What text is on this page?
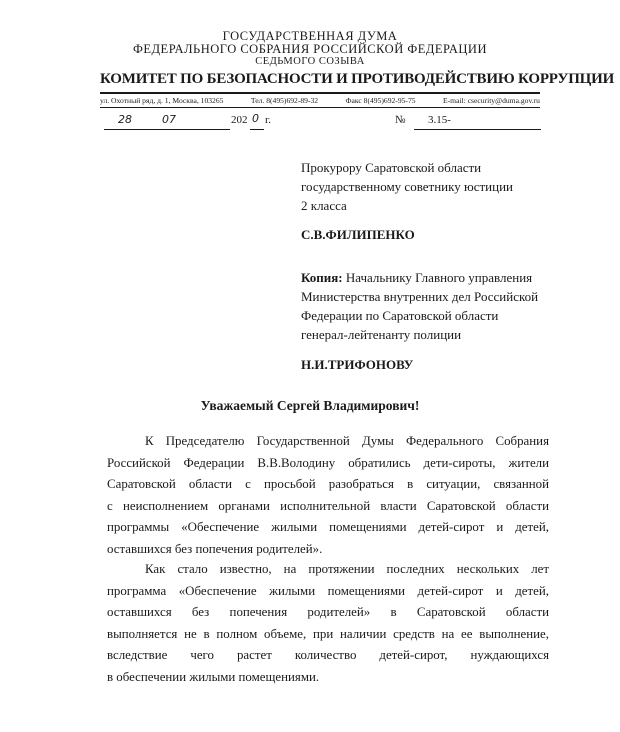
ГОСУДАРСТВЕННАЯ ДУМА
ФЕДЕРАЛЬНОГО СОБРАНИЯ РОССИЙСКОЙ ФЕДЕРАЦИИ
СЕДЬМОГО СОЗЫВА
КОМИТЕТ ПО БЕЗОПАСНОСТИ И ПРОТИВОДЕЙСТВИЮ КОРРУПЦИИ
ул. Охотный ряд, д. 1, Москва, 103265	Тел. 8(495)692-89-32	Факс 8(495)692-95-75	E-mail: csecurity@duma.gov.ru
28	07	202 0 г.	№ 3.15-
Прокурору Саратовской области
государственному советнику юстиции
2 класса
С.В.ФИЛИПЕНКО
Копия: Начальнику Главного управления
Министерства внутренних дел Российской
Федерации по Саратовской области
генерал-лейтенанту полиции
Н.И.ТРИФОНОВУ
Уважаемый Сергей Владимирович!
К Председателю Государственной Думы Федерального Собрания
Российской Федерации В.В.Володину обратились дети-сироты, жители
Саратовской области с просьбой разобраться в ситуации, связанной
с неисполнением органами исполнительной власти Саратовской области
программы «Обеспечение жилыми помещениями детей-сирот и детей,
оставшихся без попечения родителей».
Как стало известно, на протяжении последних нескольких лет
программа «Обеспечение жилыми помещениями детей-сирот и детей,
оставшихся без попечения родителей» в Саратовской области
выполняется не в полном объеме, при наличии средств на ее выполнение,
вследствие чего растет количество детей-сирот, нуждающихся
в обеспечении жилыми помещениями.
